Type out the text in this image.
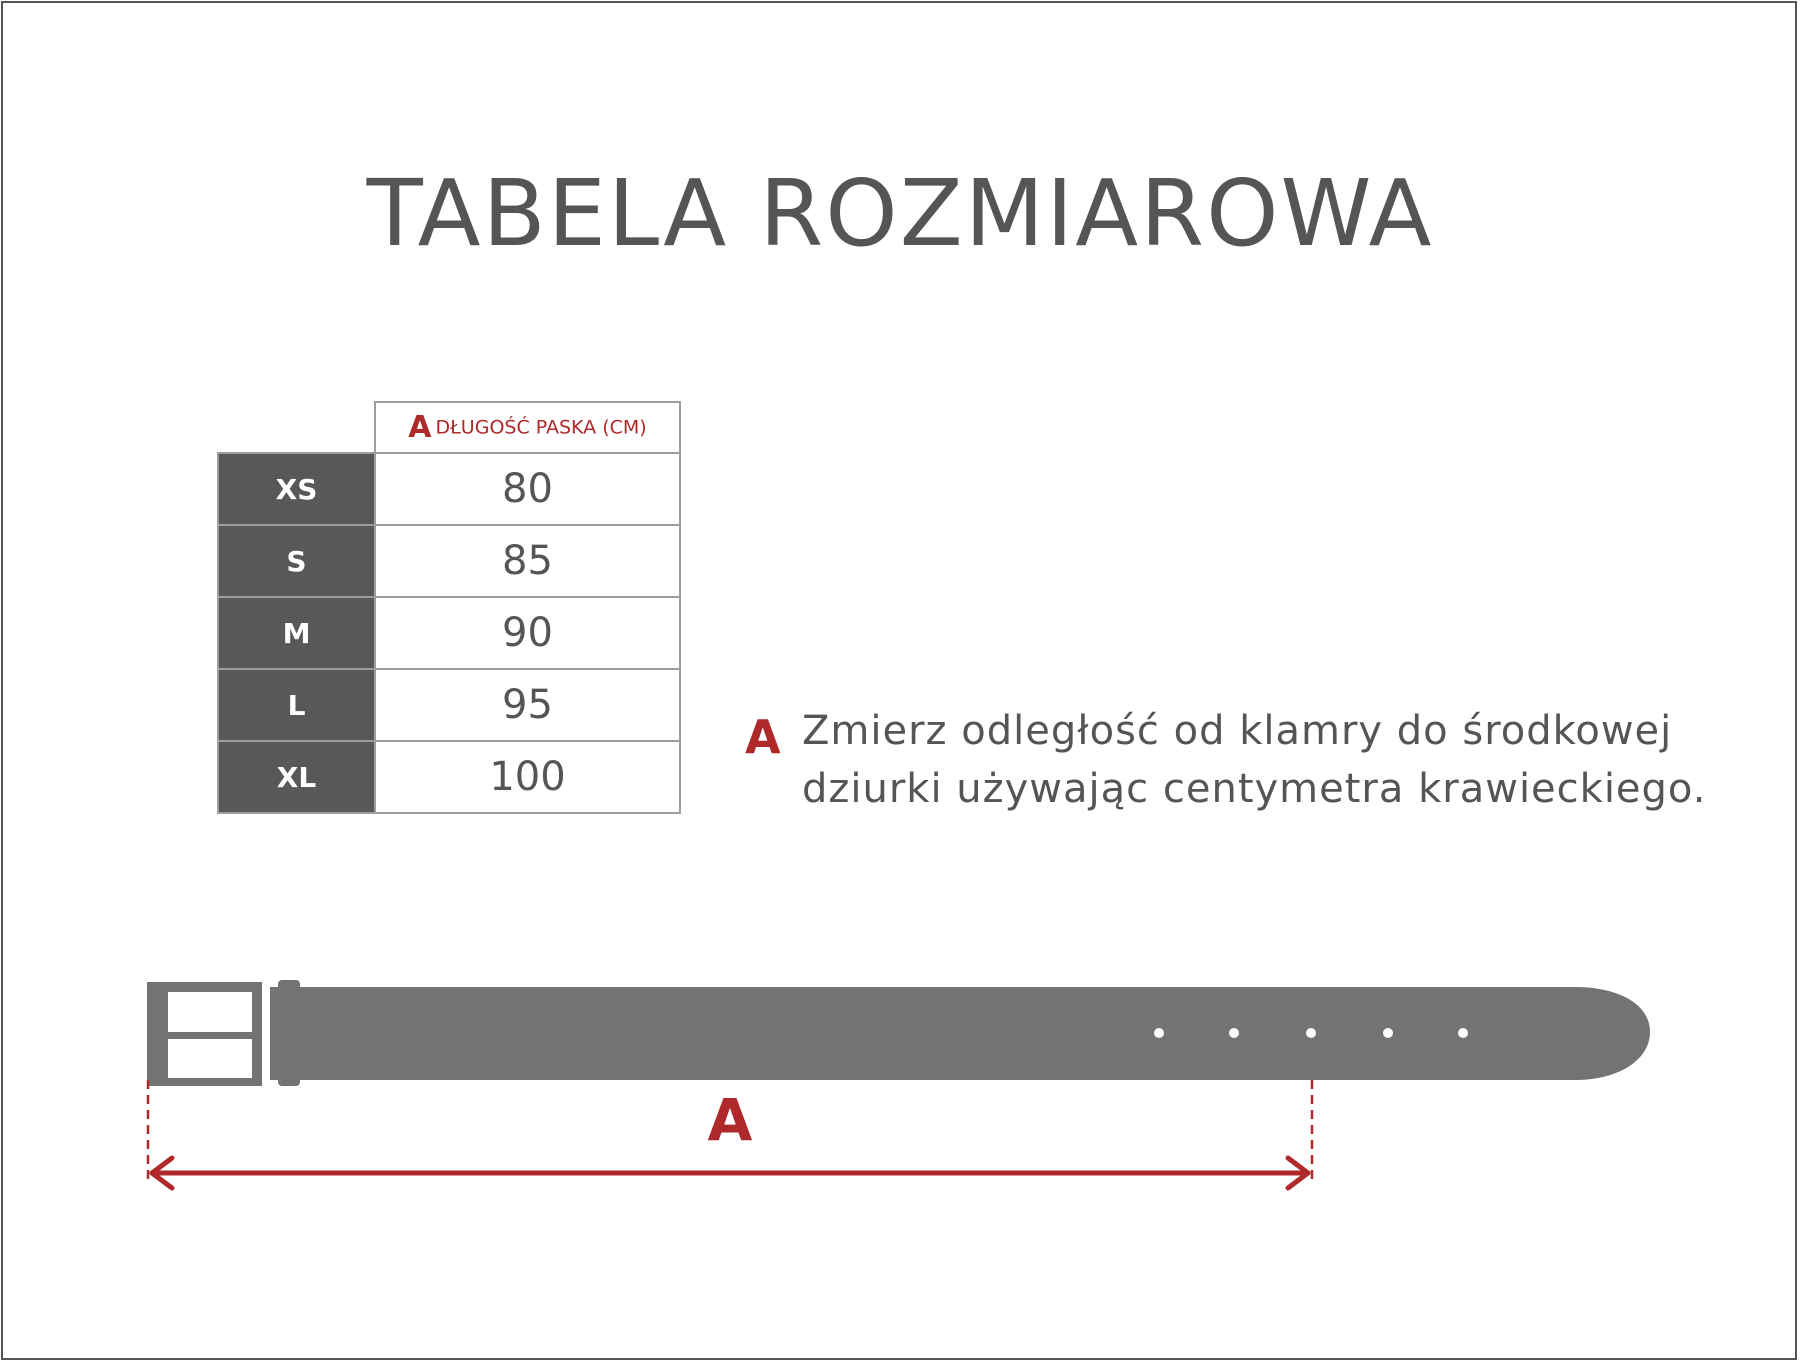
TABELA ROZMIAROWA
	A DŁUGOŚĆ PASKA (CM)
XS	80
S	85
M	90
L	95
XL	100
A Zmierz odległość od klamry do środkowej
dziurki używając centymetra krawieckiego.
A
